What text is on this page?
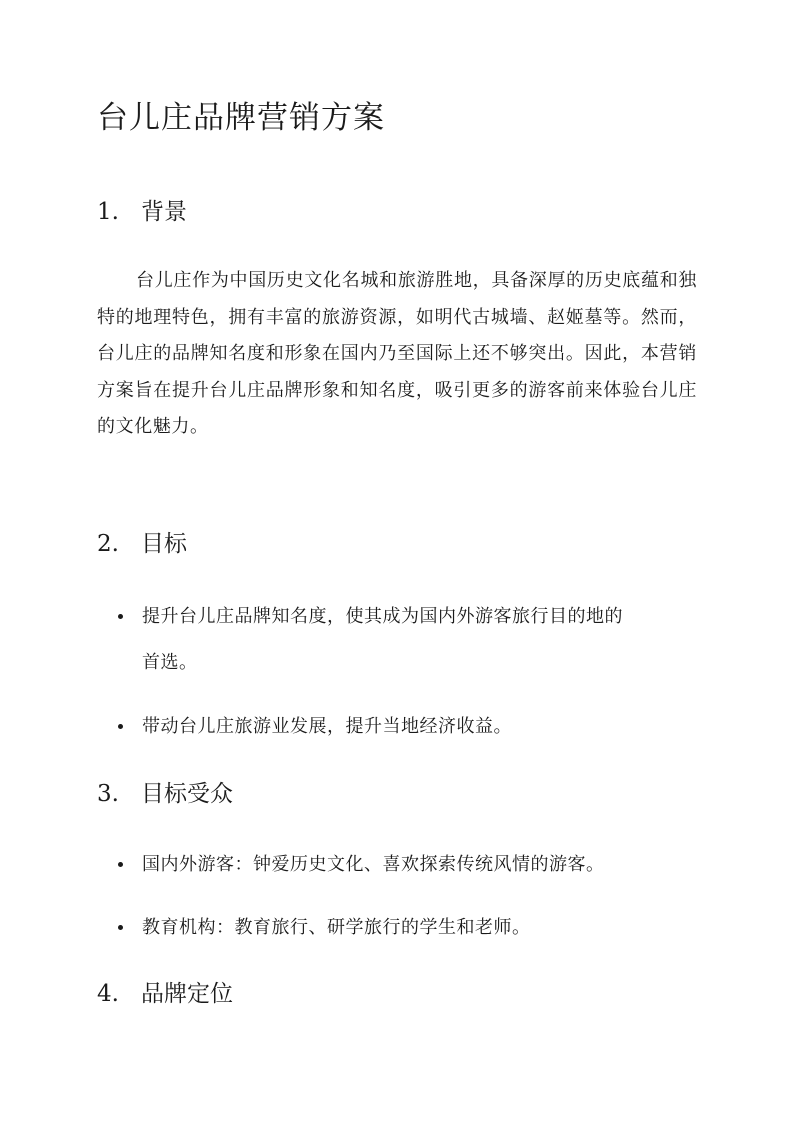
台儿庄品牌营销方案
1. 背景

台儿庄作为中国历史文化名城和旅游胜地，具备深厚的历史底蕴和独特的地理特色，拥有丰富的旅游资源，如明代古城墙、赵姬墓等。然而，台儿庄的品牌知名度和形象在国内乃至国际上还不够突出。因此，本营销方案旨在提升台儿庄品牌形象和知名度，吸引更多的游客前来体验台儿庄的文化魅力。

2. 目标
提升台儿庄品牌知名度，使其成为国内外游客旅行目的地的
首选。
带动台儿庄旅游业发展，提升当地经济收益。
3. 目标受众
国内外游客：钟爱历史文化、喜欢探索传统风情的游客。
教育机构：教育旅行、研学旅行的学生和老师。
4. 品牌定位
